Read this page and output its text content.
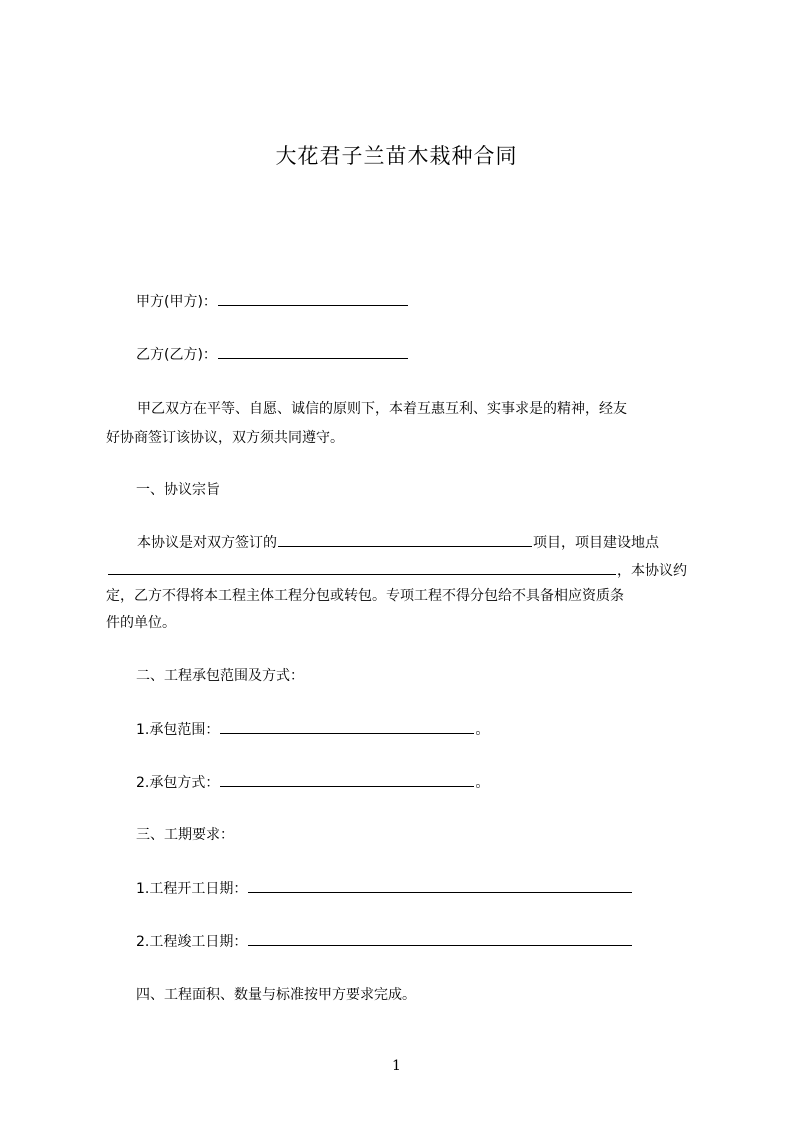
大花君子兰苗木栽种合同
甲方(甲方)：
乙方(乙方)：
甲乙双方在平等、自愿、诚信的原则下，本着互惠互利、实事求是的精神，经友
好协商签订该协议，双方须共同遵守。
一、协议宗旨
本协议是对双方签订的	项目，项目建设地点
，本协议约
定，乙方不得将本工程主体工程分包或转包。专项工程不得分包给不具备相应资质条
件的单位。
二、工程承包范围及方式：
1.承包范围：	。
2.承包方式：	。
三、工期要求：
1.工程开工日期：
2.工程竣工日期：
四、工程面积、数量与标准按甲方要求完成。
1
